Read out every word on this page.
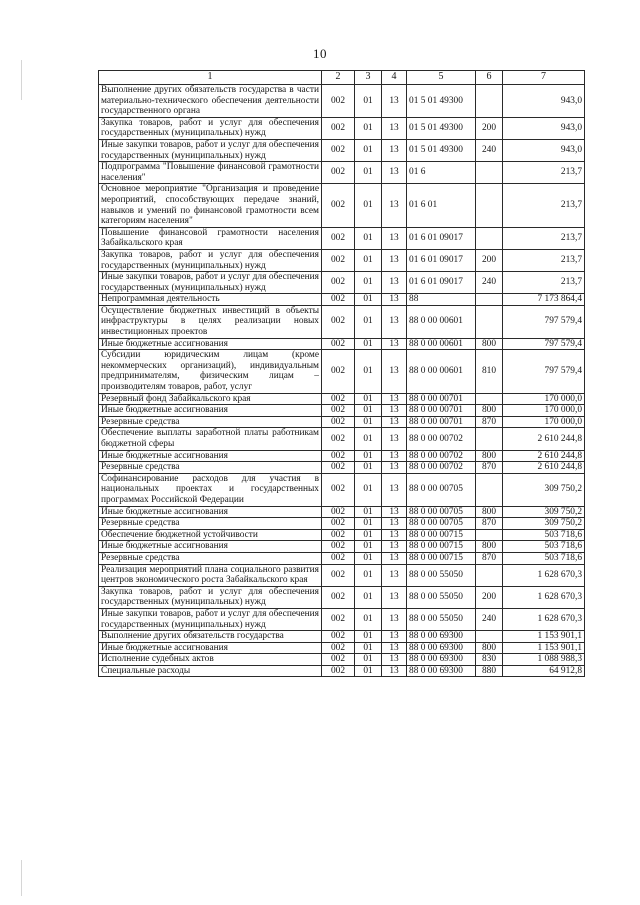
10
1	2	3	4	5	6	7
Выполнение других обязательств государства в части материально-технического обеспечения деятельности государственного органа	002	01	13	01 5 01 49300		943,0
Закупка товаров, работ и услуг для обеспечения государственных (муниципальных) нужд	002	01	13	01 5 01 49300	200	943,0
Иные закупки товаров, работ и услуг для обеспечения государственных (муниципальных) нужд	002	01	13	01 5 01 49300	240	943,0
Подпрограмма "Повышение финансовой грамотности населения"	002	01	13	01 6		213,7
Основное мероприятие "Организация и проведение мероприятий, способствующих передаче знаний, навыков и умений по финансовой грамотности всем категориям населения"	002	01	13	01 6 01		213,7
Повышение финансовой грамотности населения Забайкальского края	002	01	13	01 6 01 09017		213,7
Закупка товаров, работ и услуг для обеспечения государственных (муниципальных) нужд	002	01	13	01 6 01 09017	200	213,7
Иные закупки товаров, работ и услуг для обеспечения государственных (муниципальных) нужд	002	01	13	01 6 01 09017	240	213,7
Непрограммная деятельность	002	01	13	88		7 173 864,4
Осуществление бюджетных инвестиций в объекты инфраструктуры в целях реализации новых инвестиционных проектов	002	01	13	88 0 00 00601		797 579,4
Иные бюджетные ассигнования	002	01	13	88 0 00 00601	800	797 579,4
Субсидии юридическим лицам (кроме некоммерческих организаций), индивидуальным предпринимателям, физическим лицам – производителям товаров, работ, услуг	002	01	13	88 0 00 00601	810	797 579,4
Резервный фонд Забайкальского края	002	01	13	88 0 00 00701		170 000,0
Иные бюджетные ассигнования	002	01	13	88 0 00 00701	800	170 000,0
Резервные средства	002	01	13	88 0 00 00701	870	170 000,0
Обеспечение выплаты заработной платы работникам бюджетной сферы	002	01	13	88 0 00 00702		2 610 244,8
Иные бюджетные ассигнования	002	01	13	88 0 00 00702	800	2 610 244,8
Резервные средства	002	01	13	88 0 00 00702	870	2 610 244,8
Софинансирование расходов для участия в национальных проектах и государственных программах Российской Федерации	002	01	13	88 0 00 00705		309 750,2
Иные бюджетные ассигнования	002	01	13	88 0 00 00705	800	309 750,2
Резервные средства	002	01	13	88 0 00 00705	870	309 750,2
Обеспечение бюджетной устойчивости	002	01	13	88 0 00 00715		503 718,6
Иные бюджетные ассигнования	002	01	13	88 0 00 00715	800	503 718,6
Резервные средства	002	01	13	88 0 00 00715	870	503 718,6
Реализация мероприятий плана социального развития центров экономического роста Забайкальского края	002	01	13	88 0 00 55050		1 628 670,3
Закупка товаров, работ и услуг для обеспечения государственных (муниципальных) нужд	002	01	13	88 0 00 55050	200	1 628 670,3
Иные закупки товаров, работ и услуг для обеспечения государственных (муниципальных) нужд	002	01	13	88 0 00 55050	240	1 628 670,3
Выполнение других обязательств государства	002	01	13	88 0 00 69300		1 153 901,1
Иные бюджетные ассигнования	002	01	13	88 0 00 69300	800	1 153 901,1
Исполнение судебных актов	002	01	13	88 0 00 69300	830	1 088 988,3
Специальные расходы	002	01	13	88 0 00 69300	880	64 912,8
